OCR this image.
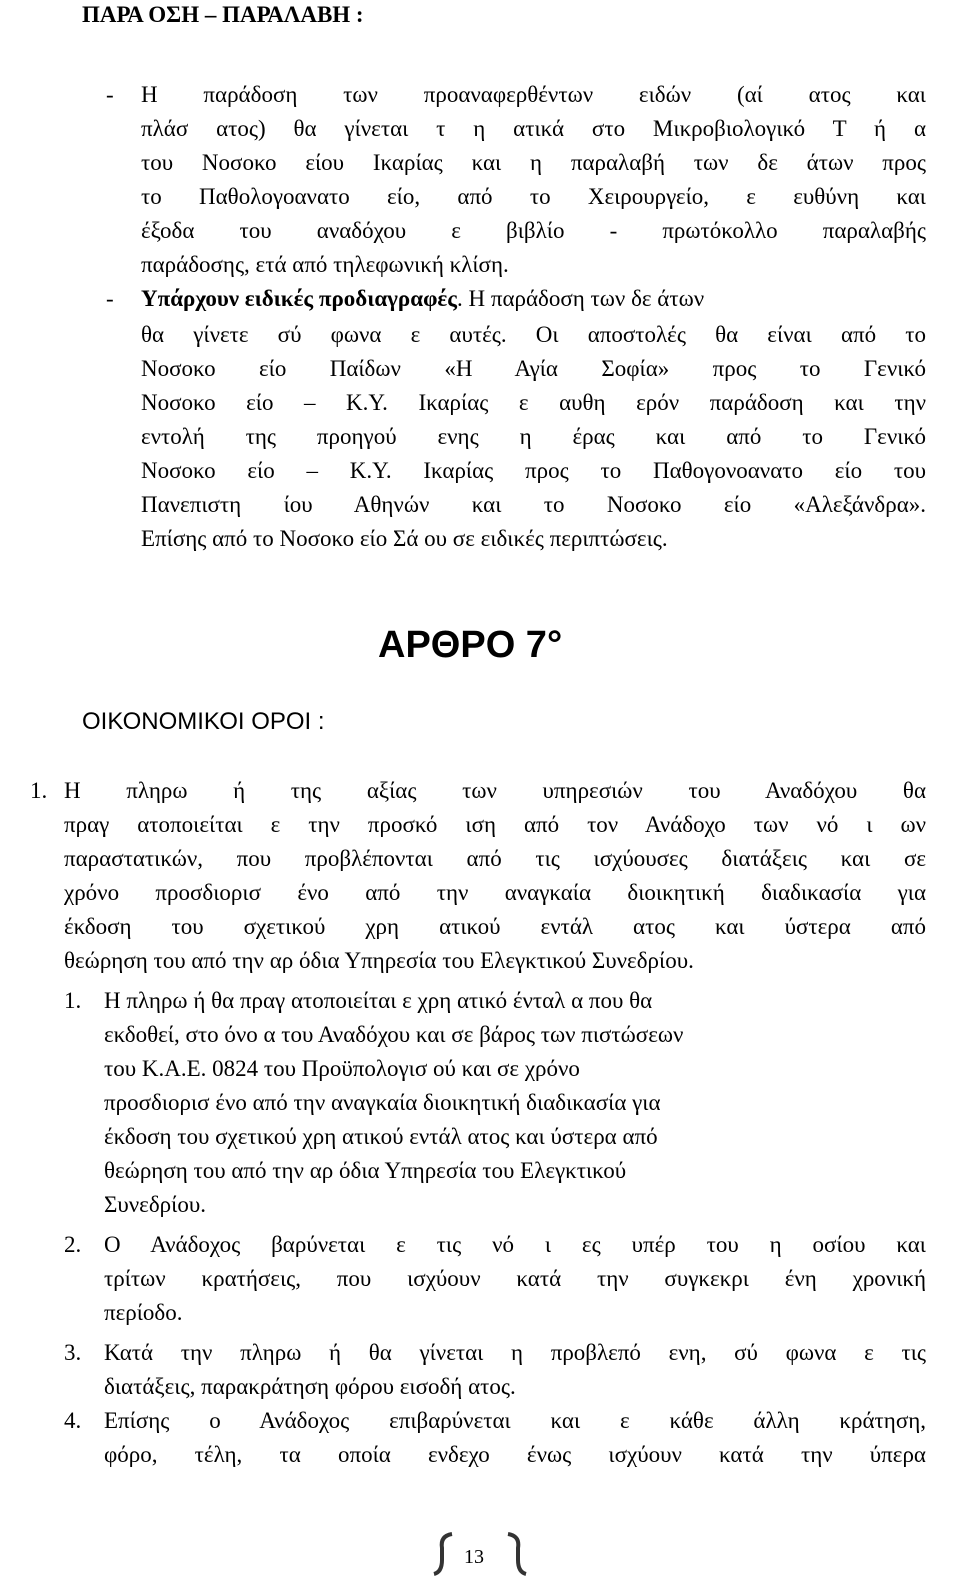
ΠΑΡΑ ΟΣΗ – ΠΑΡΑΛΑΒΗ :
- Η παράδοση των προαναφερθέντων ειδών (αί ατος και
πλάσ ατος) θα γίνεται τ η ατικά στο Μικροβιολογικό Τ ή α
του Νοσοκο είου Ικαρίας και η παραλαβή των δε άτων προς
το Παθολογοανατο είο, από το Χειρουργείο, ε ευθύνη και
έξοδα του αναδόχου ε βιβλίο - πρωτόκολλο παραλαβής
παράδοσης, ετά από τηλεφωνική κλίση.
- Υπάρχουν ειδικές προδιαγραφές . Η παράδοση των δε άτων
θα γίνετε σύ φωνα ε αυτές. Οι αποστολές θα είναι από το
Νοσοκο είο Παίδων «Η Αγία Σοφία» προς το Γενικό
Νοσοκο είο – Κ.Υ. Ικαρίας ε αυθη ερόν παράδοση και την
εντολή της προηγού ενης η έρας και από το Γενικό
Νοσοκο είο – Κ.Υ. Ικαρίας προς το Παθογονοανατο είο του
Πανεπιστη ίου Αθηνών και το Νοσοκο είο «Αλεξάνδρα».
Επίσης από το Νοσοκο είο Σά ου σε ειδικές περιπτώσεις.
ΑΡΘΡΟ 7°
ΟΙΚΟΝΟΜΙΚΟΙ ΟΡΟΙ :
1. Η πληρω ή της αξίας των υπηρεσιών του Αναδόχου θα
πραγ ατοποιείται ε την προσκό ιση από τον Ανάδοχο των νό ι ων
παραστατικών, που προβλέπονται από τις ισχύουσες διατάξεις και σε
χρόνο προσδιορισ ένο από την αναγκαία διοικητική διαδικασία για
έκδοση του σχετικού χρη ατικού εντάλ ατος και ύστερα από
θεώρηση του από την αρ όδια Υπηρεσία του Ελεγκτικού Συνεδρίου.
1. Η πληρω ή θα πραγ ατοποιείται ε χρη ατικό ένταλ α που θα
εκδοθεί, στο όνο α του Αναδόχου και σε βάρος των πιστώσεων
του Κ.Α.Ε. 0824 του Προϋπολογισ ού και σε χρόνο
προσδιορισ ένο από την αναγκαία διοικητική διαδικασία για
έκδοση του σχετικού χρη ατικού εντάλ ατος και ύστερα από
θεώρηση του από την αρ όδια Υπηρεσία του Ελεγκτικού
Συνεδρίου.
2. Ο Ανάδοχος βαρύνεται ε τις νό ι ες υπέρ του η οσίου και
τρίτων κρατήσεις, που ισχύουν κατά την συγκεκρι ένη χρονική
περίοδο.
3. Κατά την πληρω ή θα γίνεται η προβλεπό ενη, σύ φωνα ε τις
διατάξεις, παρακράτηση φόρου εισοδή ατος.
4. Επίσης ο Ανάδοχος επιβαρύνεται και ε κάθε άλλη κράτηση,
φόρο, τέλη, τα οποία ενδεχο ένως ισχύουν κατά την ύπερα
13
